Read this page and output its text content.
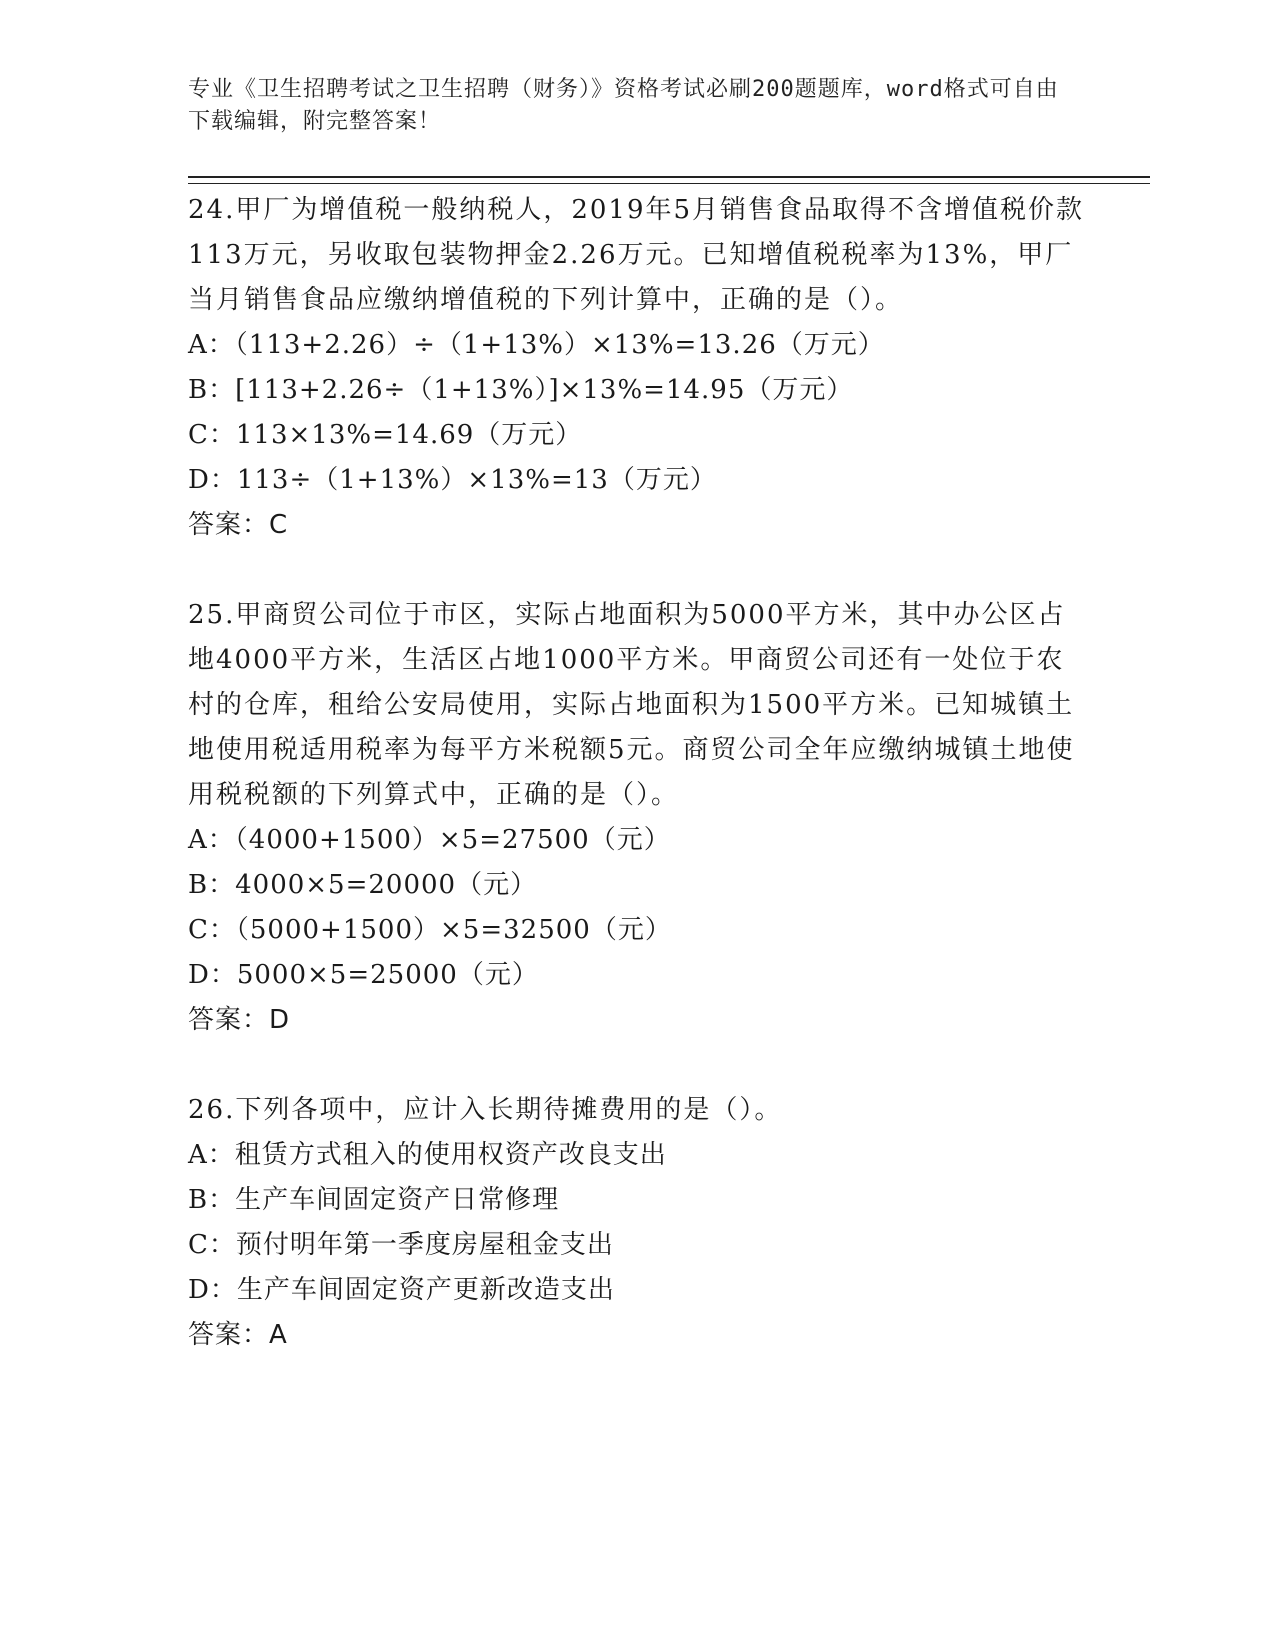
专业《卫生招聘考试之卫生招聘（财务）》资格考试必刷200题题库，word格式可自由下载编辑，附完整答案！

24.甲厂为增值税一般纳税人，2019年5月销售食品取得不含增值税价款113万元，另收取包装物押金2.26万元。已知增值税税率为13%，甲厂当月销售食品应缴纳增值税的下列计算中，正确的是（）。

A：（113+2.26）÷（1+13%）×13%=13.26（万元）

B：[113+2.26÷（1+13%）]×13%=14.95（万元）

C：113×13%=14.69（万元）

D：113÷（1+13%）×13%=13（万元）

答案：C

25.甲商贸公司位于市区，实际占地面积为5000平方米，其中办公区占地4000平方米，生活区占地1000平方米。甲商贸公司还有一处位于农村的仓库，租给公安局使用，实际占地面积为1500平方米。已知城镇土地使用税适用税率为每平方米税额5元。商贸公司全年应缴纳城镇土地使用税税额的下列算式中，正确的是（）。

A：（4000+1500）×5=27500（元）

B：4000×5=20000（元）

C：（5000+1500）×5=32500（元）

D：5000×5=25000（元）

答案：D

26.下列各项中，应计入长期待摊费用的是（）。

A：租赁方式租入的使用权资产改良支出

B：生产车间固定资产日常修理

C：预付明年第一季度房屋租金支出

D：生产车间固定资产更新改造支出

答案：A
